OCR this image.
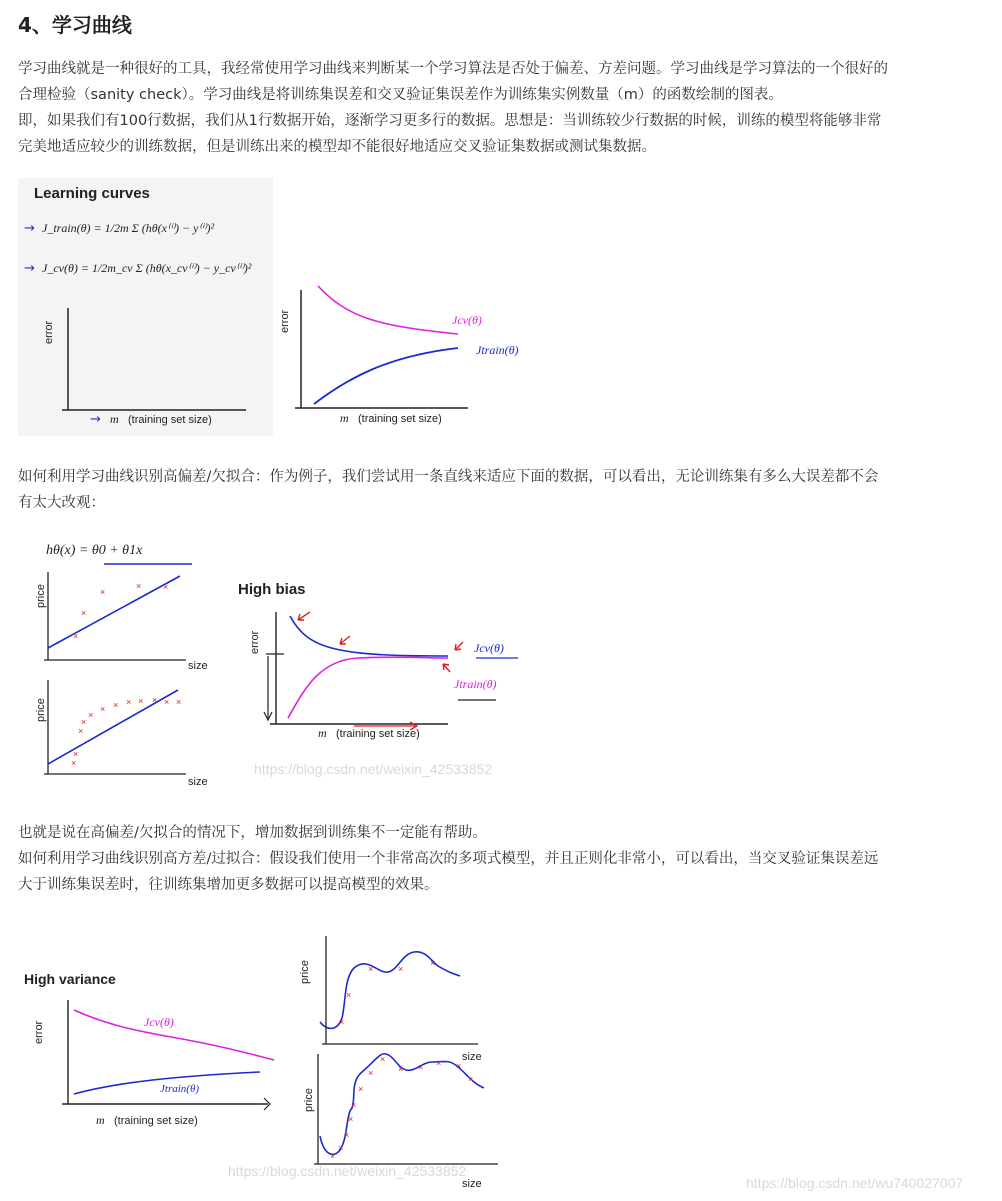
4、学习曲线

学习曲线就是一种很好的工具，我经常使用学习曲线来判断某一个学习算法是否处于偏差、方差问题。学习曲线是学习算法的一个很好的
合理检验（sanity check）。学习曲线是将训练集误差和交叉验证集误差作为训练集实例数量（m）的函数绘制的图表。
即，如果我们有100行数据，我们从1行数据开始，逐渐学习更多行的数据。思想是：当训练较少行数据的时候，训练的模型将能够非常
完美地适应较少的训练数据，但是训练出来的模型却不能很好地适应交叉验证集数据或测试集数据。

Learning curves
→ J_train(θ) = 1/2m Σ (hθ(x⁽ⁱ⁾) − y⁽ⁱ⁾)²
→ J_cv(θ) = 1/2m_cv Σ (hθ(x_cv⁽ⁱ⁾) − y_cv⁽ⁱ⁾)²
error
→ m (training set size)
error	Jcv(θ)
Jtrain(θ)
m (training set size)

如何利用学习曲线识别高偏差/欠拟合：作为例子，我们尝试用一条直线来适应下面的数据，可以看出，无论训练集有多么大误差都不会
有太大改观：

hθ(x) = θ0 + θ1x
price
size
×
×
×
× ×
price
size
×
×
×
×
×
× × × × × × ×
High bias
error	Jcv(θ)
Jtrain(θ)
m (training set size)
https://blog.csdn.net/weixin_42533852

也就是说在高偏差/欠拟合的情况下，增加数据到训练集不一定能有帮助。
如何利用学习曲线识别高方差/过拟合：假设我们使用一个非常高次的多项式模型，并且正则化非常小，可以看出，当交叉验证集误差远
大于训练集误差时，往训练集增加更多数据可以提高模型的效果。

High variance
error	Jcv(θ)
Jtrain(θ)
m (training set size)
price
size
×
×
×	×
×
price
×
×
×
×
×
×
×
×
× × × ×
×
size
https://blog.csdn.net/weixin_42533852
https://blog.csdn.net/wu740027007
